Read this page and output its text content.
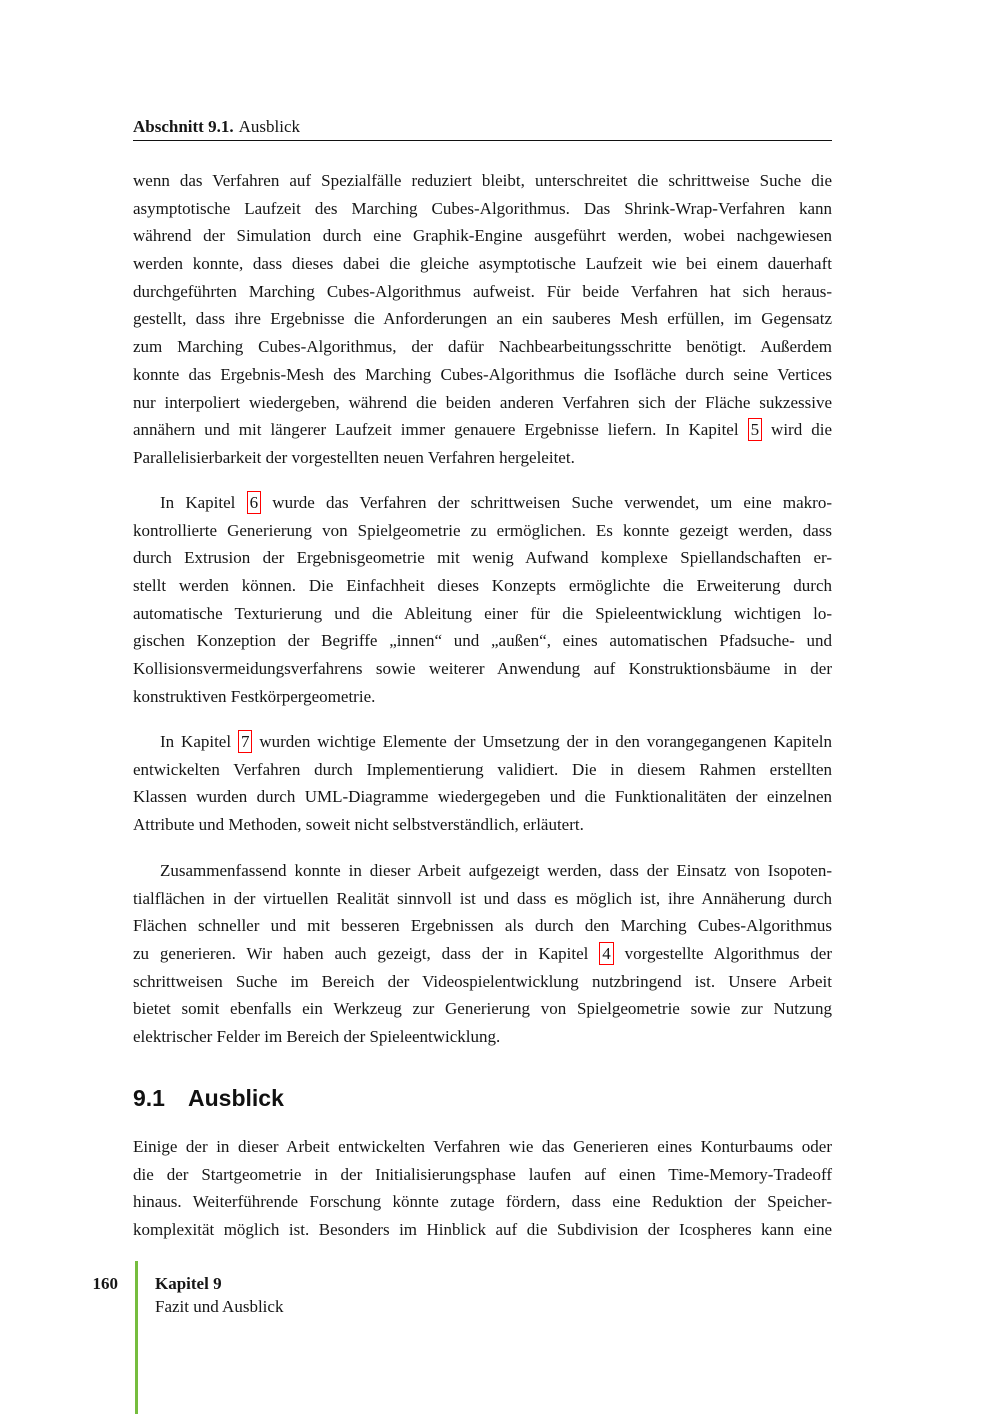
Abschnitt 9.1. Ausblick
wenn das Verfahren auf Spezialfälle reduziert bleibt, unterschreitet die schrittweise Suche die
asymptotische Laufzeit des Marching Cubes-Algorithmus. Das Shrink-Wrap-Verfahren kann
während der Simulation durch eine Graphik-Engine ausgeführt werden, wobei nachgewiesen
werden konnte, dass dieses dabei die gleiche asymptotische Laufzeit wie bei einem dauerhaft
durchgeführten Marching Cubes-Algorithmus aufweist. Für beide Verfahren hat sich heraus-
gestellt, dass ihre Ergebnisse die Anforderungen an ein sauberes Mesh erfüllen, im Gegensatz
zum Marching Cubes-Algorithmus, der dafür Nachbearbeitungsschritte benötigt. Außerdem
konnte das Ergebnis-Mesh des Marching Cubes-Algorithmus die Isofläche durch seine Vertices
nur interpoliert wiedergeben, während die beiden anderen Verfahren sich der Fläche sukzessive
annähern und mit längerer Laufzeit immer genauere Ergebnisse liefern. In Kapitel 5 wird die
Parallelisierbarkeit der vorgestellten neuen Verfahren hergeleitet.
In Kapitel 6 wurde das Verfahren der schrittweisen Suche verwendet, um eine makro-
kontrollierte Generierung von Spielgeometrie zu ermöglichen. Es konnte gezeigt werden, dass
durch Extrusion der Ergebnisgeometrie mit wenig Aufwand komplexe Spiellandschaften er-
stellt werden können. Die Einfachheit dieses Konzepts ermöglichte die Erweiterung durch
automatische Texturierung und die Ableitung einer für die Spieleentwicklung wichtigen lo-
gischen Konzeption der Begriffe „innen“ und „außen“, eines automatischen Pfadsuche- und
Kollisionsvermeidungsverfahrens sowie weiterer Anwendung auf Konstruktionsbäume in der
konstruktiven Festkörpergeometrie.
In Kapitel 7 wurden wichtige Elemente der Umsetzung der in den vorangegangenen Kapiteln
entwickelten Verfahren durch Implementierung validiert. Die in diesem Rahmen erstellten
Klassen wurden durch UML-Diagramme wiedergegeben und die Funktionalitäten der einzelnen
Attribute und Methoden, soweit nicht selbstverständlich, erläutert.
Zusammenfassend konnte in dieser Arbeit aufgezeigt werden, dass der Einsatz von Isopoten-
tialflächen in der virtuellen Realität sinnvoll ist und dass es möglich ist, ihre Annäherung durch
Flächen schneller und mit besseren Ergebnissen als durch den Marching Cubes-Algorithmus
zu generieren. Wir haben auch gezeigt, dass der in Kapitel 4 vorgestellte Algorithmus der
schrittweisen Suche im Bereich der Videospielentwicklung nutzbringend ist. Unsere Arbeit
bietet somit ebenfalls ein Werkzeug zur Generierung von Spielgeometrie sowie zur Nutzung
elektrischer Felder im Bereich der Spieleentwicklung.
9.1 Ausblick
Einige der in dieser Arbeit entwickelten Verfahren wie das Generieren eines Konturbaums oder
die der Startgeometrie in der Initialisierungsphase laufen auf einen Time-Memory-Tradeoff
hinaus. Weiterführende Forschung könnte zutage fördern, dass eine Reduktion der Speicher-
komplexität möglich ist. Besonders im Hinblick auf die Subdivision der Icospheres kann eine
160 Kapitel 9
Fazit und Ausblick
